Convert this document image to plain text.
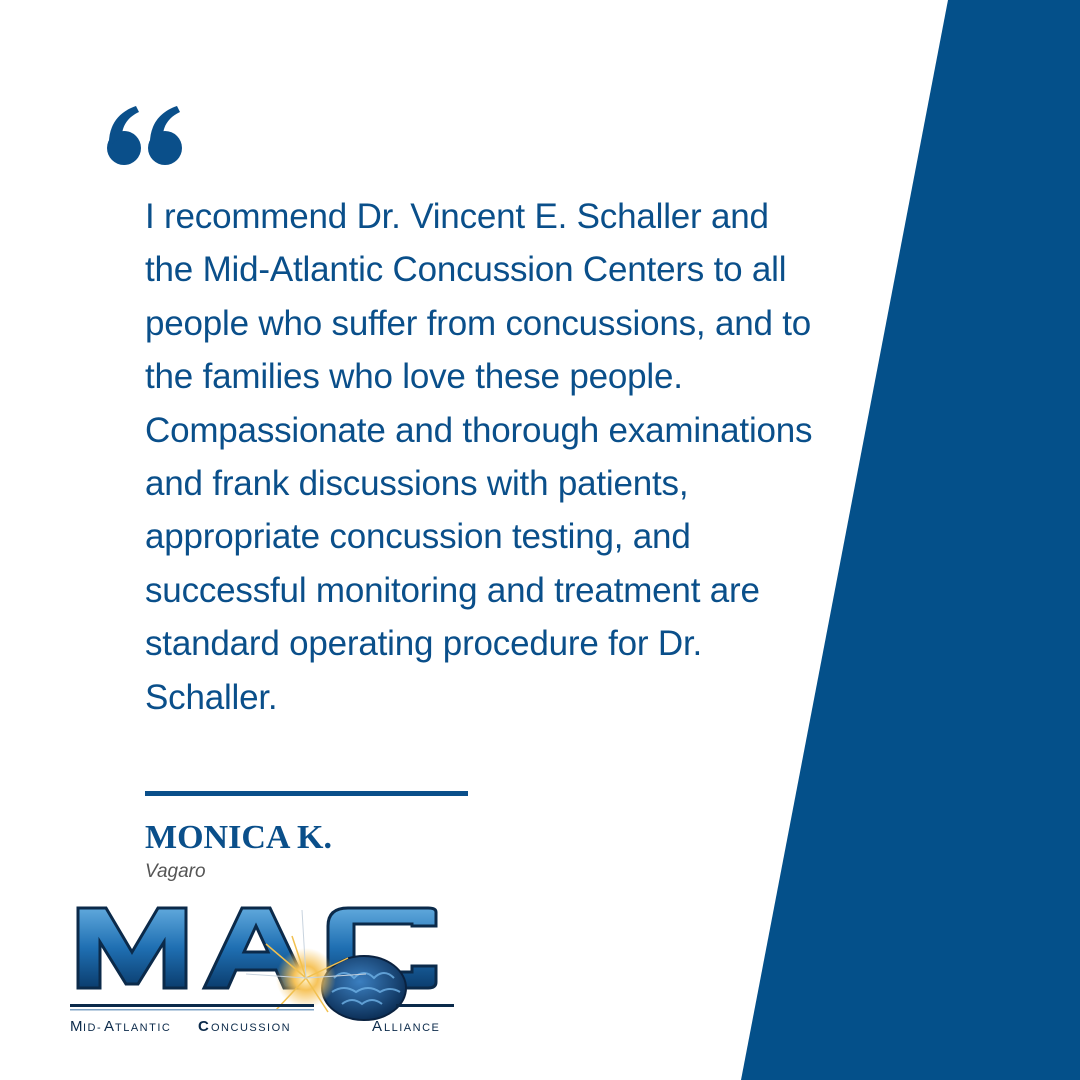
I recommend Dr. Vincent E. Schaller and the Mid-Atlantic Concussion Centers to all people who suffer from concussions, and to the families who love these people. Compassionate and thorough examinations and frank discussions with patients, appropriate concussion testing, and successful monitoring and treatment are standard operating procedure for Dr. Schaller.

MONICA K.

Vagaro

M ID- A TLANTIC C ONCUSSION	A LLIANCE
